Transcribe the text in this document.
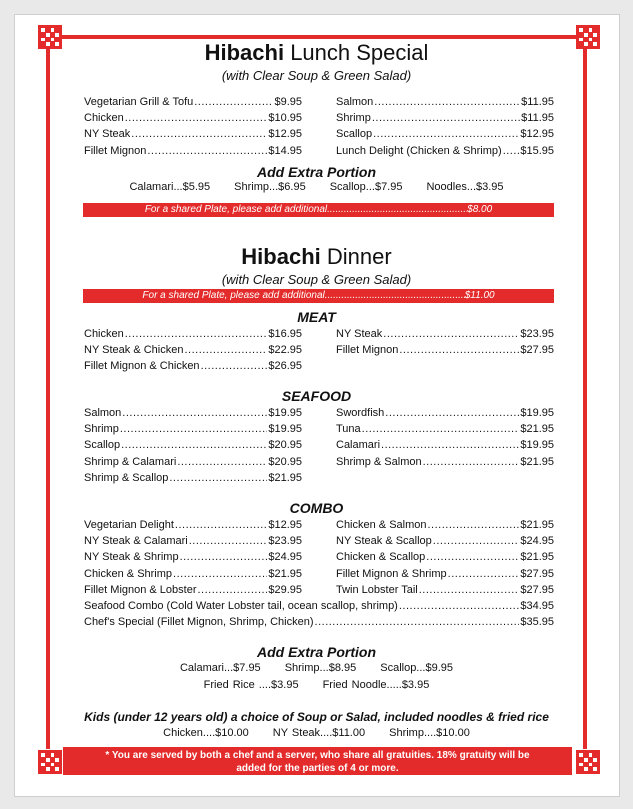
Hibachi Lunch Special
(with Clear Soup & Green Salad)
Vegetarian Grill & Tofu .....	$9.95
Chicken .....	$10.95
NY Steak .....	$12.95
Fillet Mignon .....	$14.95
Salmon .....	$11.95
Shrimp .....	$11.95
Scallop .....	$12.95
Lunch Delight (Chicken & Shrimp) ..... $15.95
Add Extra Portion
Calamari...$5.95 Shrimp...$6.95 Scallop...$7.95 Noodles...$3.95
For a shared Plate, please add additional .....	$8.00
Hibachi Dinner
(with Clear Soup & Green Salad)
For a shared Plate, please add additional .....	$11.00
MEAT
Chicken .....	$16.95
NY Steak & Chicken .....	$22.95
Fillet Mignon & Chicken .....	$26.95
NY Steak .....	$23.95
Fillet Mignon .....	$27.95
SEAFOOD
Salmon .....	$19.95
Shrimp .....	$19.95
Scallop .....	$20.95
Shrimp & Calamari .....	$20.95
Shrimp & Scallop .....	$21.95
Swordfish .....	$19.95
Tuna .....	$21.95
Calamari .....	$19.95
Shrimp & Salmon .....	$21.95
COMBO
Vegetarian Delight .....	$12.95
NY Steak & Calamari .....	$23.95
NY Steak & Shrimp .....	$24.95
Chicken & Shrimp .....	$21.95
Fillet Mignon & Lobster .....	$29.95
Chicken & Salmon .....	$21.95
NY Steak & Scallop .....	$24.95
Chicken & Scallop .....	$21.95
Fillet Mignon & Shrimp .....	$27.95
Twin Lobster Tail .....	$27.95
Seafood Combo (Cold Water Lobster tail, ocean scallop, shrimp) .....	$34.95
Chef's Special (Fillet Mignon, Shrimp, Chicken) .....	$35.95
Add Extra Portion
Calamari...$7.95 Shrimp...$8.95 Scallop...$9.95
Fried Rice ....$3.95 Fried Noodle.....$3.95
Kids (under 12 years old) a choice of Soup or Salad, included noodles & fried rice
Chicken....$10.00 NY Steak....$11.00 Shrimp....$10.00
* You are served by both a chef and a server, who share all gratuities. 18% gratuity will be
added for the parties of 4 or more.
